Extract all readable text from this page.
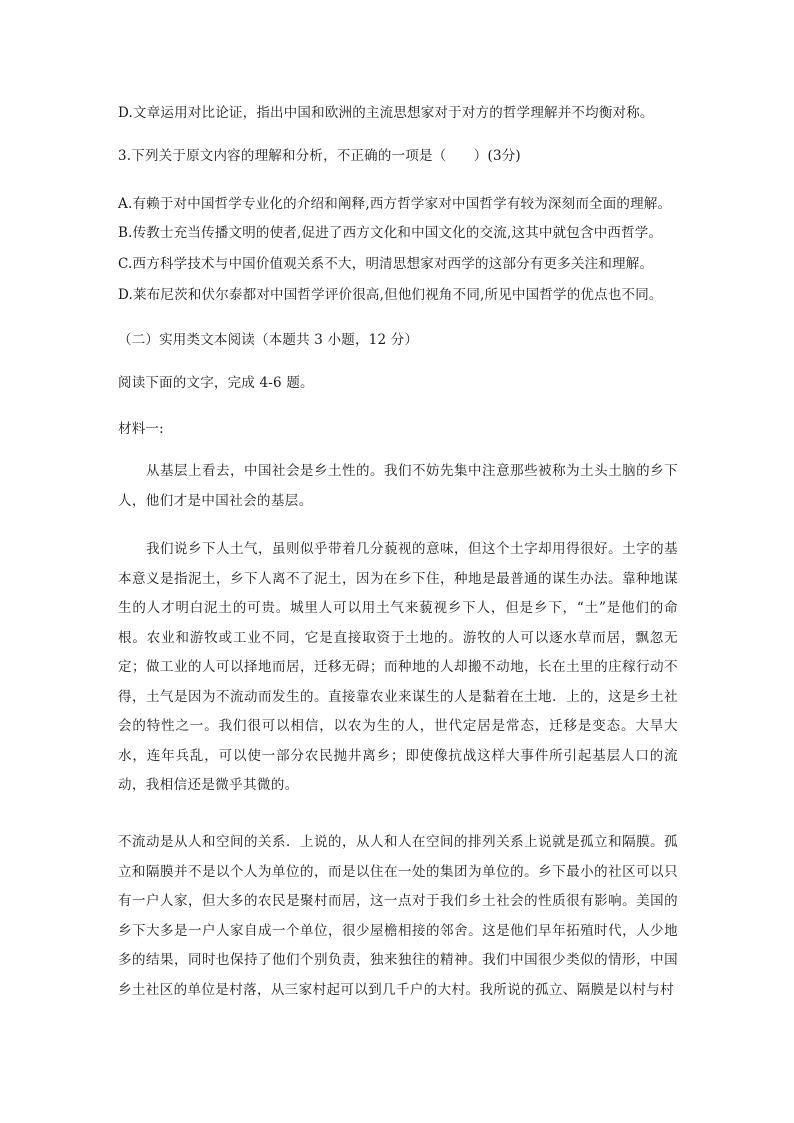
D.文章运用对比论证，指出中国和欧洲的主流思想家对于对方的哲学理解并不均衡对称。
3.下列关于原文内容的理解和分析，不正确的一项是（　　）(3分)
A.有赖于对中国哲学专业化的介绍和阐释,西方哲学家对中国哲学有较为深刻而全面的理解。
B.传教士充当传播文明的使者,促进了西方文化和中国文化的交流,这其中就包含中西哲学。
C.西方科学技术与中国价值观关系不大，明清思想家对西学的这部分有更多关注和理解。
D.莱布尼茨和伏尔泰都对中国哲学评价很高,但他们视角不同,所见中国哲学的优点也不同。
（二）实用类文本阅读（本题共 3 小题，12 分）
阅读下面的文字，完成 4-6 题。
材料一:

从基层上看去，中国社会是乡土性的。我们不妨先集中注意那些被称为土头土脑的乡下人，他们才是中国社会的基层。

我们说乡下人土气，虽则似乎带着几分藐视的意味，但这个土字却用得很好。土字的基本意义是指泥土，乡下人离不了泥土，因为在乡下住，种地是最普通的谋生办法。靠种地谋生的人才明白泥土的可贵。城里人可以用土气来藐视乡下人，但是乡下，“土”是他们的命根。农业和游牧或工业不同，它是直接取资于土地的。游牧的人可以逐水草而居，飘忽无定；做工业的人可以择地而居，迁移无碍；而种地的人却搬不动地，长在土里的庄稼行动不得，土气是因为不流动而发生的。直接靠农业来谋生的人是黏着在土地．上的，这是乡土社会的特性之一。我们很可以相信，以农为生的人，世代定居是常态，迁移是变态。大旱大水，连年兵乱，可以使一部分农民抛井离乡；即使像抗战这样大事件所引起基层人口的流动，我相信还是微乎其微的。

不流动是从人和空间的关系．上说的，从人和人在空间的排列关系上说就是孤立和隔膜。孤立和隔膜并不是以个人为单位的，而是以住在一处的集团为单位的。乡下最小的社区可以只有一户人家，但大多的农民是聚村而居，这一点对于我们乡土社会的性质很有影响。美国的乡下大多是一户人家自成一个单位，很少屋檐相接的邻舍。这是他们早年拓殖时代，人少地多的结果，同时也保持了他们个别负责，独来独往的精神。我们中国很少类似的情形，中国乡土社区的单位是村落，从三家村起可以到几千户的大村。我所说的孤立、隔膜是以村与村
